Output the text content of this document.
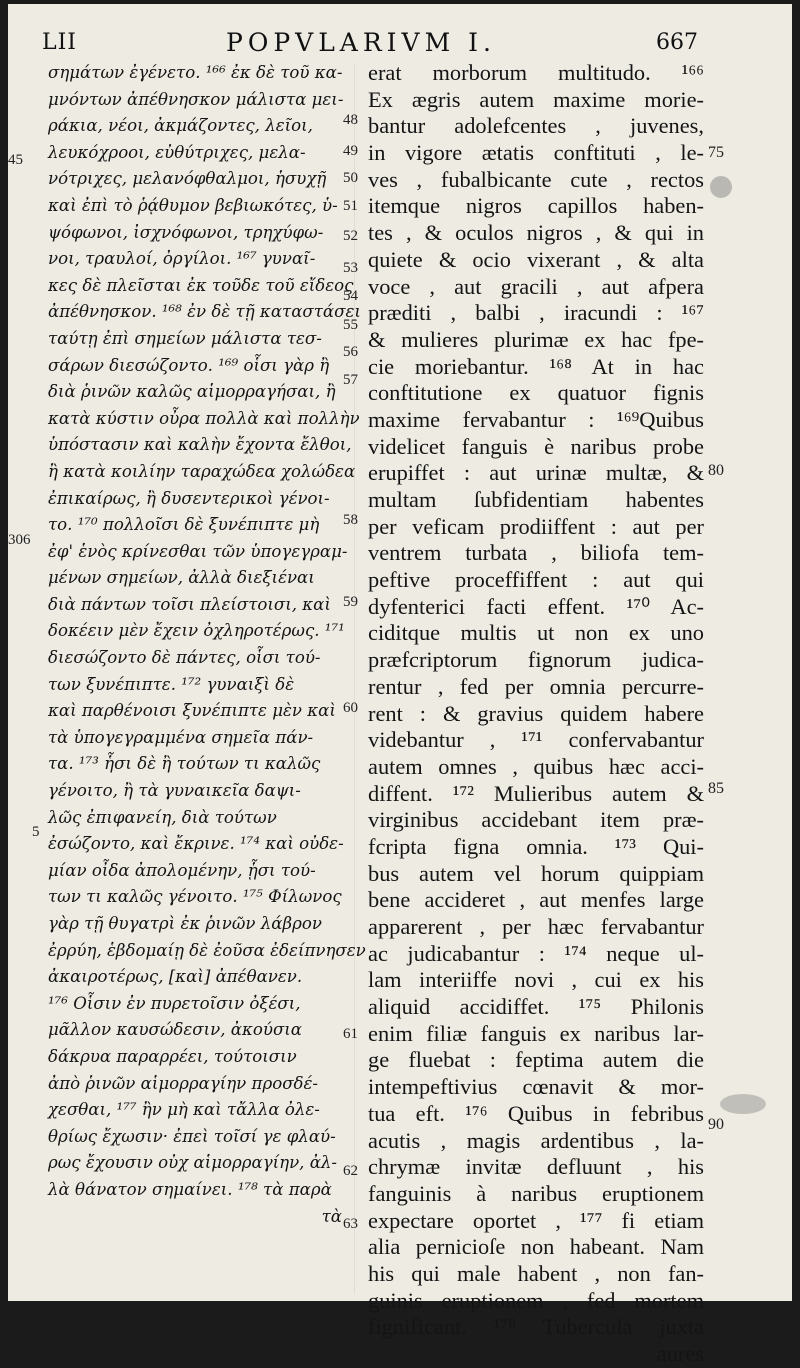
LII	POPVLARIVM I.	667
σημάτων ἐγένετο. ¹⁶⁶ ἐκ δὲ τοῦ κα-
μνόντων ἀπέθνησκον μάλιστα μει-
ράκια, νέοι, ἀκμάζοντες, λεῖοι,
λευκόχροοι, εὐθύτριχες, μελα-
νότριχες, μελανόφθαλμοι, ἡσυχῇ
καὶ ἐπὶ τὸ ῥᾴθυμον βεβιωκότες, ὑ-
ψόφωνοι, ἰσχνόφωνοι, τρηχύφω-
νοι, τραυλοί, ὀργίλοι. ¹⁶⁷ γυναῖ-
κες δὲ πλεῖσται ἐκ τοῦδε τοῦ εἴδεος
ἀπέθνησκον. ¹⁶⁸ ἐν δὲ τῇ καταστάσει
ταύτῃ ἐπὶ σημείων μάλιστα τεσ-
σάρων διεσώζοντο. ¹⁶⁹ οἷσι γὰρ ἢ
διὰ ῥινῶν καλῶς αἱμορραγήσαι, ἢ
κατὰ κύστιν οὖρα πολλὰ καὶ πολλὴν
ὑπόστασιν καὶ καλὴν ἔχοντα ἔλθοι,
ἢ κατὰ κοιλίην ταραχώδεα χολώδεα
ἐπικαίρως, ἢ δυσεντερικοὶ γένοι-
το. ¹⁷⁰ πολλοῖσι δὲ ξυνέπιπτε μὴ
ἐφ' ἑνὸς κρίνεσθαι τῶν ὑπογεγραμ-
μένων σημείων, ἀλλὰ διεξιέναι
διὰ πάντων τοῖσι πλείστοισι, καὶ
δοκέειν μὲν ἔχειν ὀχληροτέρως. ¹⁷¹
διεσώζοντο δὲ πάντες, οἷσι τού-
των ξυνέπιπτε. ¹⁷² γυναιξὶ δὲ
καὶ παρθένοισι ξυνέπιπτε μὲν καὶ
τὰ ὑπογεγραμμένα σημεῖα πάν-
τα. ¹⁷³ ἧσι δὲ ἢ τούτων τι καλῶς
γένοιτο, ἢ τὰ γυναικεῖα δαψι-
λῶς ἐπιφανείη, διὰ τούτων
ἐσώζοντο, καὶ ἔκρινε. ¹⁷⁴ καὶ οὐδε-
μίαν οἶδα ἀπολομένην, ᾗσι τού-
των τι καλῶς γένοιτο. ¹⁷⁵ Φίλωνος
γὰρ τῇ θυγατρὶ ἐκ ῥινῶν λάβρον
ἐρρύη, ἑβδομαίῃ δὲ ἐοῦσα ἐδείπνησεν
ἀκαιροτέρως, [καὶ] ἀπέθανεν.
¹⁷⁶ Οἷσιν ἐν πυρετοῖσιν ὀξέσι,
μᾶλλον καυσώδεσιν, ἀκούσια
δάκρυα παραρρέει, τούτοισιν
ἀπὸ ῥινῶν αἱμορραγίην προσδέ-
χεσθαι, ¹⁷⁷ ἢν μὴ καὶ τἄλλα ὀλε-
θρίως ἔχωσιν· ἐπεὶ τοῖσί γε φλαύ-
ρως ἔχουσιν οὐχ αἱμορραγίην, ἀλ-
λὰ θάνατον σημαίνει. ¹⁷⁸ τὰ παρὰ
τὰ
erat morborum multitudo. ¹⁶⁶
Ex ægris autem maxime morie-
bantur adolefcentes , juvenes,
in vigore ætatis conftituti , le-
ves , fubalbicante cute , rectos
itemque nigros capillos haben-
tes , & oculos nigros , & qui in
quiete & ocio vixerant , & alta
voce , aut gracili , aut afpera
præditi , balbi , iracundi : ¹⁶⁷
& mulieres plurimæ ex hac fpe-
cie moriebantur. ¹⁶⁸ At in hac
conftitutione ex quatuor fignis
maxime fervabantur : ¹⁶⁹Quibus
videlicet fanguis è naribus probe
erupiffet : aut urinæ multæ, &
multam ſubfidentiam habentes
per veficam prodiiffent : aut per
ventrem turbata , biliofa tem-
peftive proceffiffent : aut qui
dyfenterici facti effent. ¹⁷⁰ Ac-
ciditque multis ut non ex uno
præfcriptorum fignorum judica-
rentur , fed per omnia percurre-
rent : & gravius quidem habere
videbantur , ¹⁷¹ confervabantur
autem omnes , quibus hæc acci-
diffent. ¹⁷² Mulieribus autem &
virginibus accidebant item præ-
fcripta figna omnia. ¹⁷³ Qui-
bus autem vel horum quippiam
bene accideret , aut menfes large
apparerent , per hæc fervabantur
ac judicabantur : ¹⁷⁴ neque ul-
lam interiiffe novi , cui ex his
aliquid accidiffet. ¹⁷⁵ Philonis
enim filiæ fanguis ex naribus lar-
ge fluebat : feptima autem die
intempeftivius cœnavit & mor-
tua eft. ¹⁷⁶ Quibus in febribus
acutis , magis ardentibus , la-
chrymæ invitæ defluunt , his
fanguinis à naribus eruptionem
expectare oportet , ¹⁷⁷ fi etiam
alia pernicioſe non habeant. Nam
his qui male habent , non fan-
guinis eruptionem , fed mortem
fignificant. ¹⁷⁸ Tubercula juxta
aures
48
49
50
51
52
53
54
55
56
57
58
59
60
61
62
63
45
306
5
75
80
85
90
